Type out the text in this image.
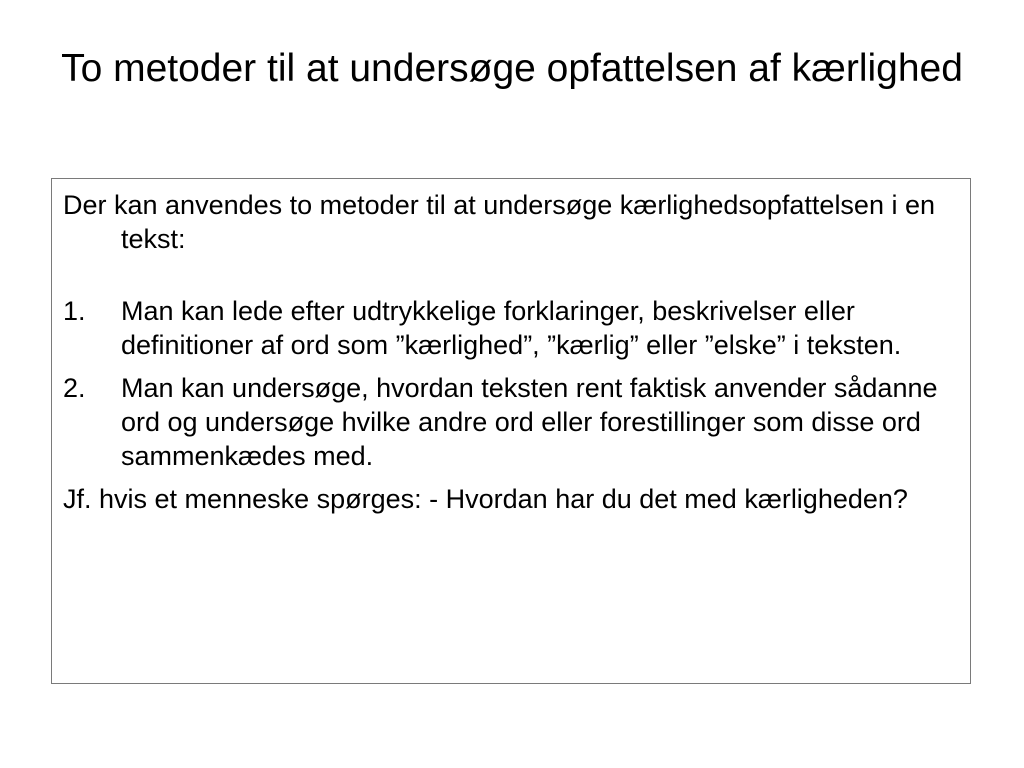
To metoder til at undersøge opfattelsen af kærlighed

Der kan anvendes to metoder til at undersøge kærlighedsopfattelsen i en tekst:

1. Man kan lede efter udtrykkelige forklaringer, beskrivelser eller definitioner af ord som ”kærlighed”, ”kærlig” eller ”elske” i teksten.
2. Man kan undersøge, hvordan teksten rent faktisk anvender sådanne ord og undersøge hvilke andre ord eller forestillinger som disse ord sammenkædes med.

Jf. hvis et menneske spørges: - Hvordan har du det med kærligheden?
